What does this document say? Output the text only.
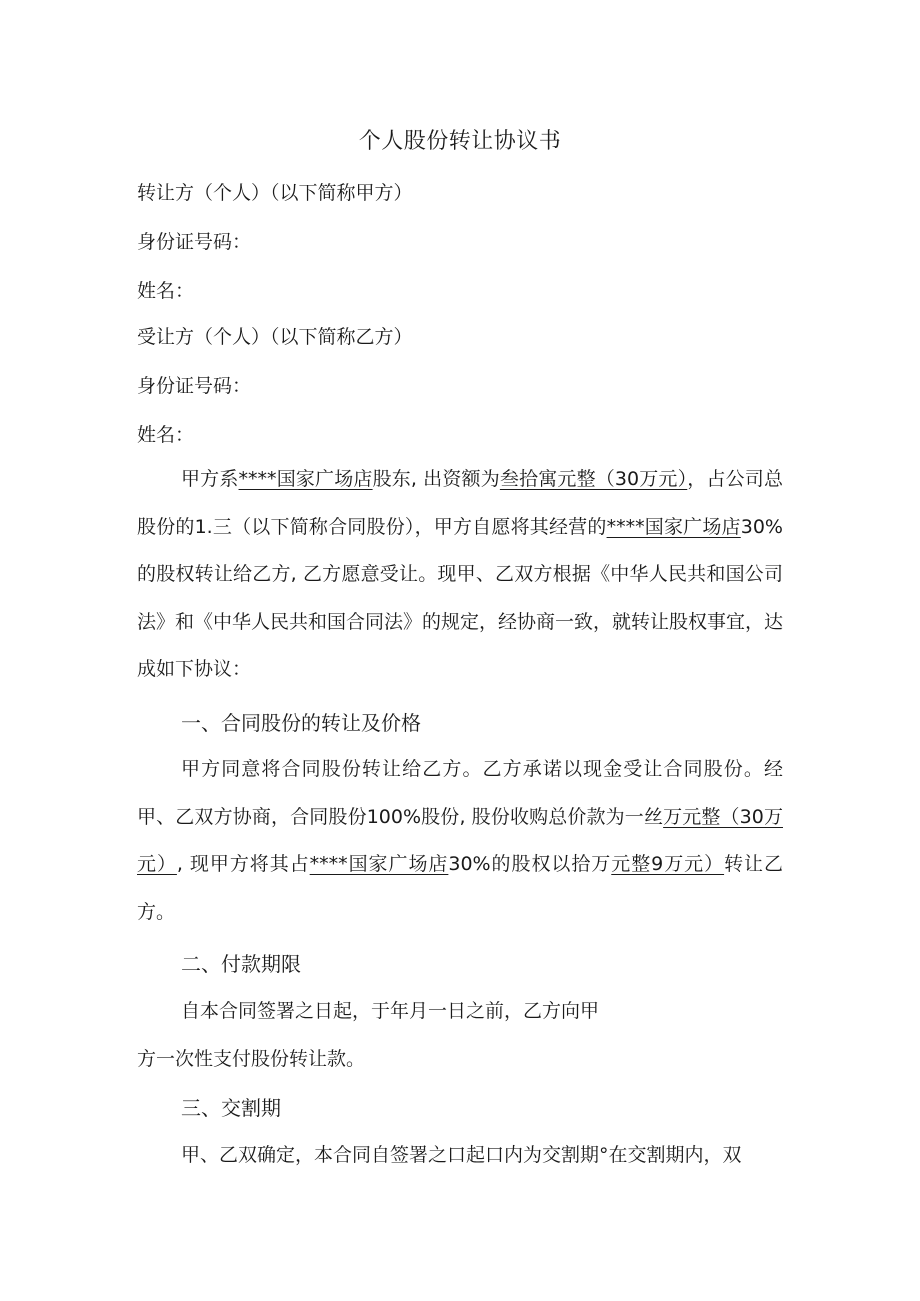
个人股份转让协议书
转让方（个人）（以下简称甲方）
身份证号码：
姓名：
受让方（个人）（以下简称乙方）
身份证号码：
姓名：

甲方系****国家广场店股东, 出资额为叁拾寓元整（30万元），占公司总股份的1.三（以下简称合同股份），甲方自愿将其经营的****国家广场店30%的股权转让给乙方, 乙方愿意受让。现甲、乙双方根据《中华人民共和国公司法》和《中华人民共和国合同法》的规定，经协商一致，就转让股权事宜，达成如下协议：

一、合同股份的转让及价格

甲方同意将合同股份转让给乙方。乙方承诺以现金受让合同股份。经甲、乙双方协商，合同股份100%股份, 股份收购总价款为一丝万元整（30万元）, 现甲方将其占****国家广场店30%的股权以拾万元整9万元）转让乙方。

二、付款期限
自本合同签署之日起，于年月一日之前，乙方向甲
方一次性支付股份转让款。
三、交割期
甲、乙双确定，本合同自签署之口起口内为交割期°在交割期内，双
